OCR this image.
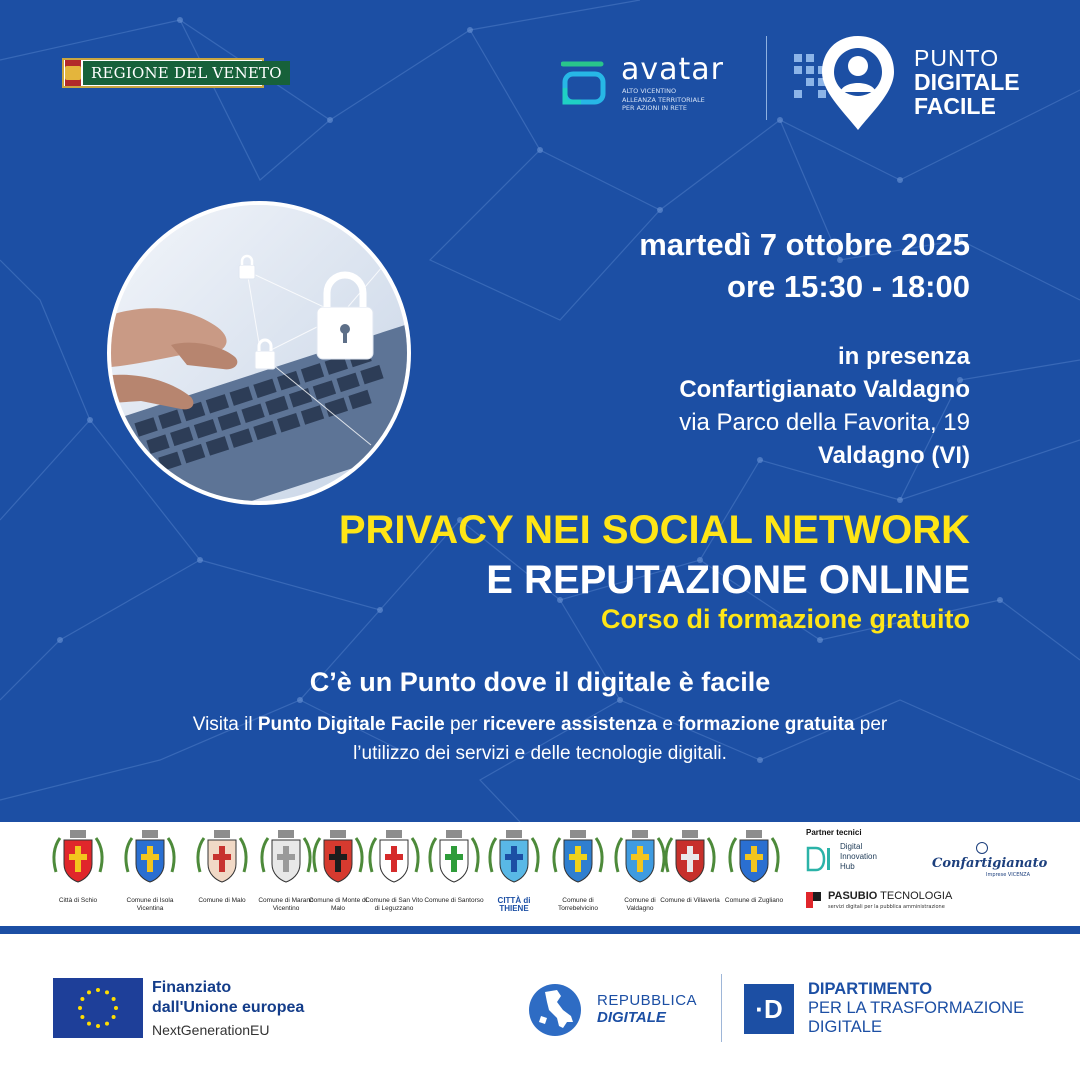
REGIONE DEL VENETO	avatar
ALTO VICENTINO
ALLEANZA TERRITORIALE
PER AZIONI IN RETE
PUNTO
DIGITALE
FACILE
martedì 7 ottobre 2025
ore 15:30 - 18:00
in presenza
Confartigianato Valdagno
via Parco della Favorita, 19
Valdagno (VI)
PRIVACY NEI SOCIAL NETWORK
E REPUTAZIONE ONLINE
Corso di formazione gratuito
C’è un Punto dove il digitale è facile
Visita il Punto Digitale Facile per ricevere assistenza e formazione gratuita per
l’utilizzo dei servizi e delle tecnologie digitali.
Città di Schio	Comune di Isola Vicentina
Comune di Malo	Comune di Marano Vicentino
Comune di Monte di Malo
Comune di San Vito di Leguzzano
Comune di Santorso	CITTÀ di THIENE
Comune di Torrebelvicino
Comune di Valdagno
Comune di Villaverla Comune di Zugliano
Partner tecnici
Digital
Innovation
Hub	Confartigianato
Imprese VICENZA
PASUBIO TECNOLOGIA
servizi digitali per la pubblica amministrazione
Finanziato
dall'Unione europea
NextGenerationEU
REPUBBLICA
DIGITALE	·D
DIPARTIMENTO
PER LA TRASFORMAZIONE
DIGITALE
